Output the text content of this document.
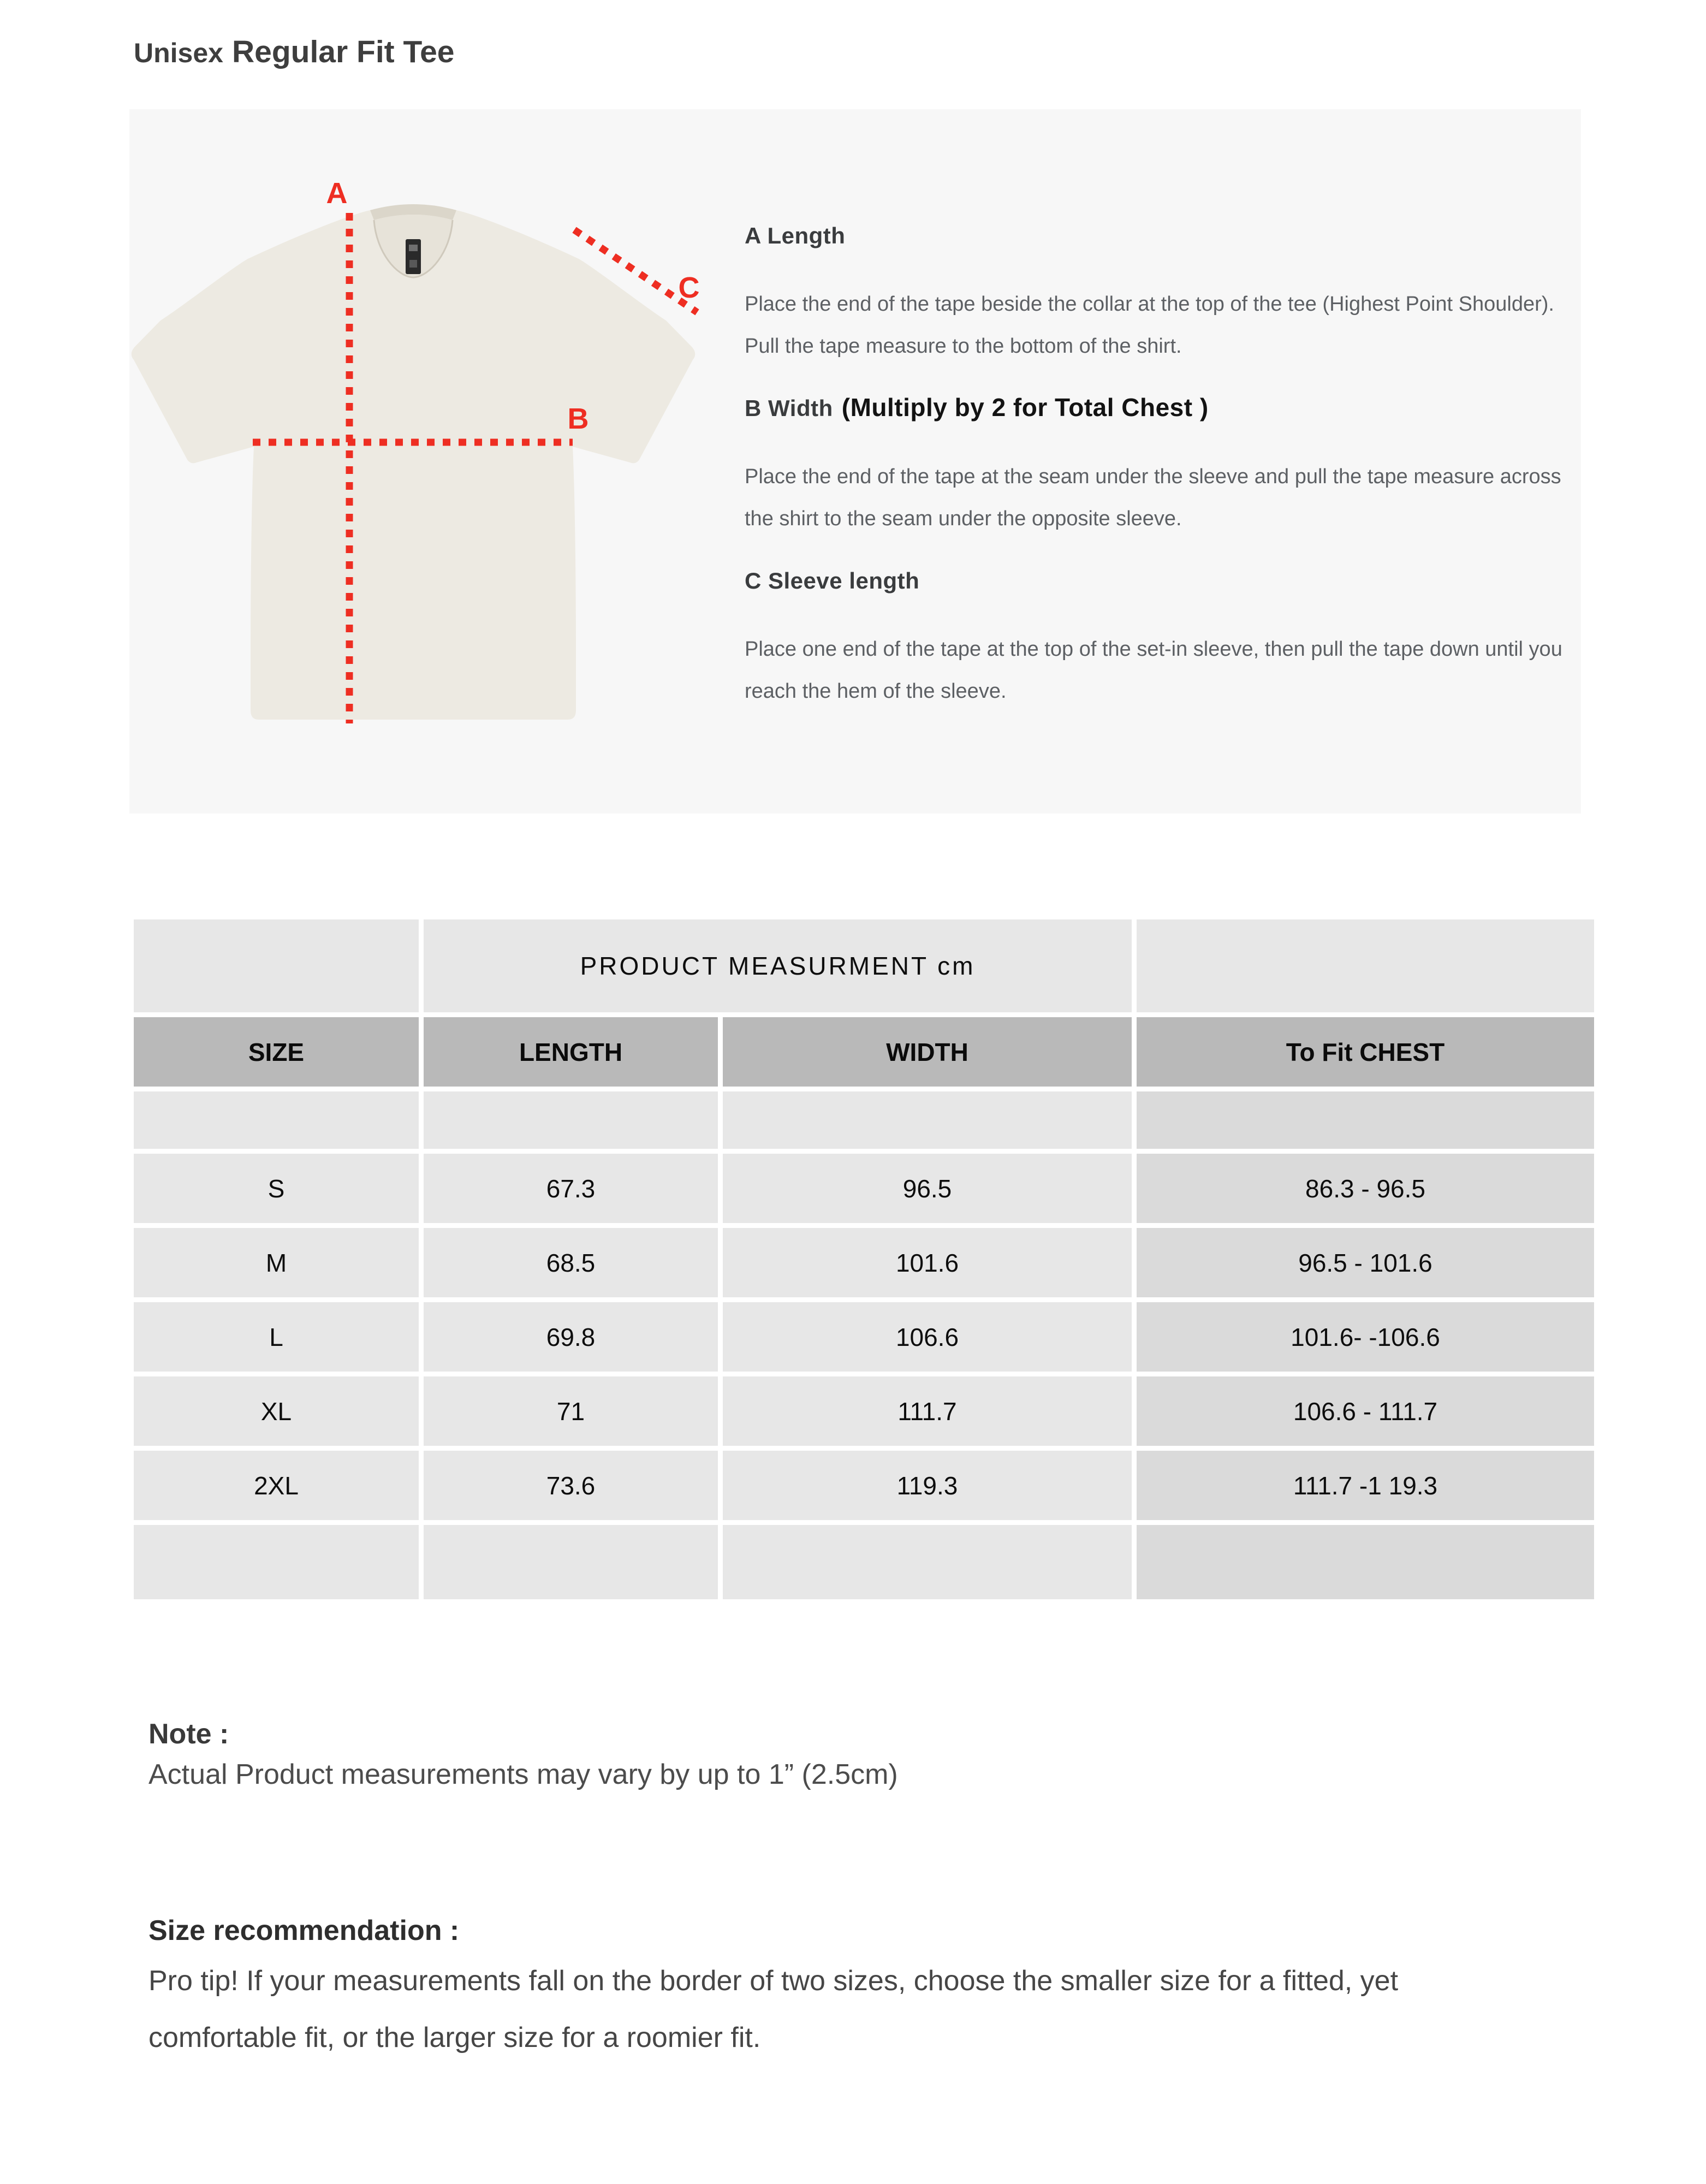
Unisex Regular Fit Tee
A
B
C
A Length

Place the end of the tape beside the collar at the top of the tee (Highest Point Shoulder). Pull the tape measure to the bottom of the shirt.

B Width (Multiply by 2 for Total Chest )

Place the end of the tape at the seam under the sleeve and pull the tape measure across the shirt to the seam under the opposite sleeve.

C Sleeve length

Place one end of the tape at the top of the set-in sleeve, then pull the tape down until you reach the hem of the sleeve.

	PRODUCT MEASURMENT cm		
SIZE	LENGTH	WIDTH	To Fit CHEST

S	67.3	96.5	86.3 - 96.5
M	68.5	101.6	96.5 - 101.6
L	69.8	106.6	101.6- -106.6
XL	71	111.7	106.6 - 111.7
2XL	73.6	119.3	111.7 -1 19.3

Note :

Actual Product measurements may vary by up to 1” (2.5cm)

Size recommendation :

Pro tip! If your measurements fall on the border of two sizes, choose the smaller size for a fitted, yet comfortable fit, or the larger size for a roomier fit.
